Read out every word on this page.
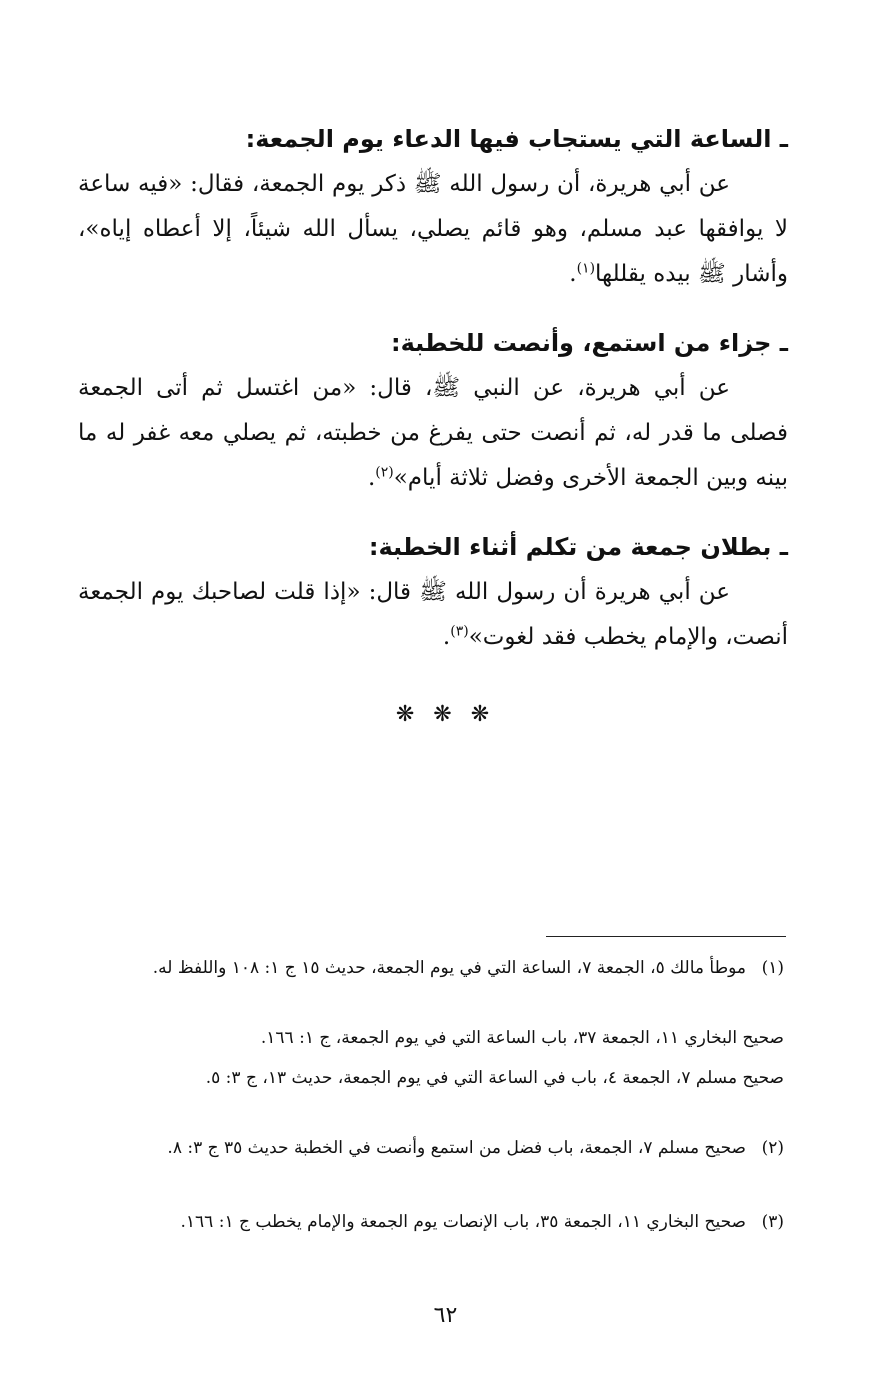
ـ الساعة التي يستجاب فيها الدعاء يوم الجمعة:

عن أبي هريرة، أن رسول الله ﷺ ذكر يوم الجمعة، فقال: «فيه ساعة لا يوافقها عبد مسلم، وهو قائم يصلي، يسأل الله شيئاً، إلا أعطاه إياه»، وأشار ﷺ بيده يقللها$^{(١)}$.

ـ جزاء من استمع، وأنصت للخطبة:

عن أبي هريرة، عن النبي ﷺ، قال: «من اغتسل ثم أتى الجمعة فصلى ما قدر له، ثم أنصت حتى يفرغ من خطبته، ثم يصلي معه غفر له ما بينه وبين الجمعة الأخرى وفضل ثلاثة أيام»$^{(٢)}$.

ـ بطلان جمعة من تكلم أثناء الخطبة:

عن أبي هريرة أن رسول الله ﷺ قال: «إذا قلت لصاحبك يوم الجمعة أنصت، والإمام يخطب فقد لغوت»$^{(٣)}$.

❋ ❋ ❋
(١)موطأ مالك ٥، الجمعة ٧، الساعة التي في يوم الجمعة، حديث ١٥ ج ١: ١٠٨ واللفظ له.
صحيح البخاري ١١، الجمعة ٣٧، باب الساعة التي في يوم الجمعة، ج ١: ١٦٦.
صحيح مسلم ٧، الجمعة ٤، باب في الساعة التي في يوم الجمعة، حديث ١٣، ج ٣: ٥.
(٢)صحيح مسلم ٧، الجمعة، باب فضل من استمع وأنصت في الخطبة حديث ٣٥ ج ٣: ٨.
(٣)صحيح البخاري ١١، الجمعة ٣٥، باب الإنصات يوم الجمعة والإمام يخطب ج ١: ١٦٦.
٦٢
